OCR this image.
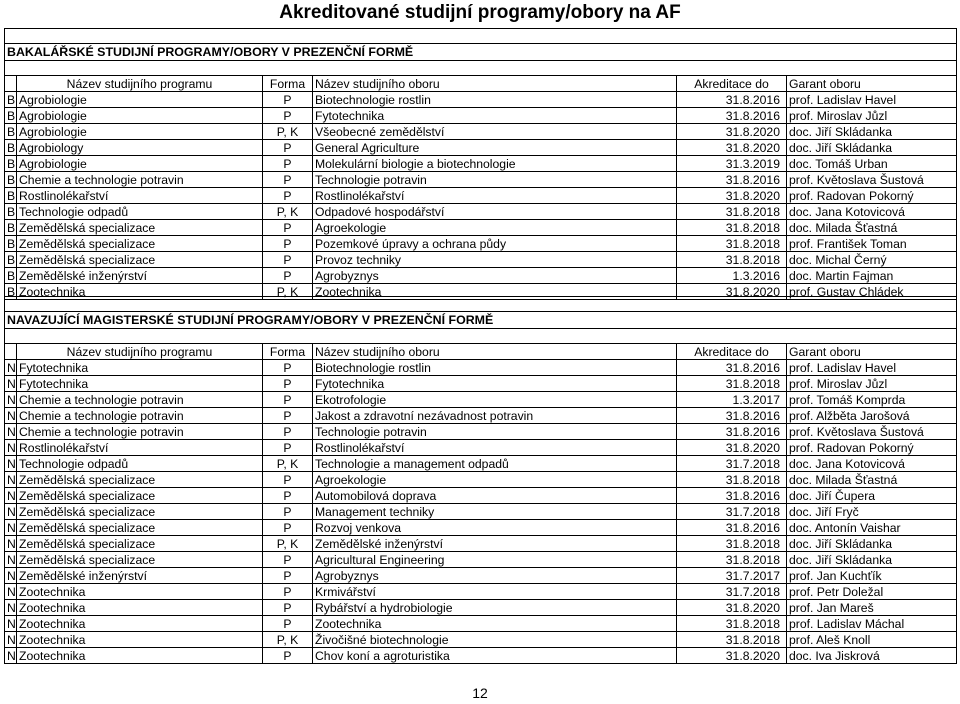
Akreditované studijní programy/obory na AF

BAKALÁŘSKÉ STUDIJNÍ PROGRAMY/OBORY V PREZENČNÍ FORMĚ					

	Název studijního programu	Forma	Název studijního oboru	Akreditace do	Garant oboru
B	Agrobiologie	P	Biotechnologie rostlin	31.8.2016	prof. Ladislav Havel
B	Agrobiologie	P	Fytotechnika	31.8.2016	prof. Miroslav Jůzl
B	Agrobiologie	P, K	Všeobecné zemědělství	31.8.2020	doc. Jiří Skládanka
B	Agrobiology	P	General Agriculture	31.8.2020	doc. Jiří Skládanka
B	Agrobiologie	P	Molekulární biologie a biotechnologie	31.3.2019	doc. Tomáš Urban
B	Chemie a technologie potravin	P	Technologie potravin	31.8.2016	prof. Květoslava Šustová
B	Rostlinolékařství	P	Rostlinolékařství	31.8.2020	prof. Radovan Pokorný
B	Technologie odpadů	P, K	Odpadové hospodářství	31.8.2018	doc. Jana Kotovicová
B	Zemědělská specializace	P	Agroekologie	31.8.2018	doc. Milada Šťastná
B	Zemědělská specializace	P	Pozemkové úpravy a ochrana půdy	31.8.2018	prof. František Toman
B	Zemědělská specializace	P	Provoz techniky	31.8.2018	doc. Michal Černý
B	Zemědělské inženýrství	P	Agrobyznys	1.3.2016	doc. Martin Fajman
B	Zootechnika	P, K	Zootechnika	31.8.2020	prof. Gustav Chládek

NAVAZUJÍCÍ MAGISTERSKÉ STUDIJNÍ PROGRAMY/OBORY V PREZENČNÍ FORMĚ					

	Název studijního programu	Forma	Název studijního oboru	Akreditace do	Garant oboru
N	Fytotechnika	P	Biotechnologie rostlin	31.8.2016	prof. Ladislav Havel
N	Fytotechnika	P	Fytotechnika	31.8.2018	prof. Miroslav Jůzl
N	Chemie a technologie potravin	P	Ekotrofologie	1.3.2017	prof. Tomáš Komprda
N	Chemie a technologie potravin	P	Jakost a zdravotní nezávadnost potravin	31.8.2016	prof. Alžběta Jarošová
N	Chemie a technologie potravin	P	Technologie potravin	31.8.2016	prof. Květoslava Šustová
N	Rostlinolékařství	P	Rostlinolékařství	31.8.2020	prof. Radovan Pokorný
N	Technologie odpadů	P, K	Technologie a management odpadů	31.7.2018	doc. Jana Kotovicová
N	Zemědělská specializace	P	Agroekologie	31.8.2018	doc. Milada Šťastná
N	Zemědělská specializace	P	Automobilová doprava	31.8.2016	doc. Jiří Čupera
N	Zemědělská specializace	P	Management techniky	31.7.2018	doc. Jiří Fryč
N	Zemědělská specializace	P	Rozvoj venkova	31.8.2016	doc. Antonín Vaishar
N	Zemědělská specializace	P, K	Zemědělské inženýrství	31.8.2018	doc. Jiří Skládanka
N	Zemědělská specializace	P	Agricultural Engineering	31.8.2018	doc. Jiří Skládanka
N	Zemědělské inženýrství	P	Agrobyznys	31.7.2017	prof. Jan Kuchťík
N	Zootechnika	P	Krmivářství	31.7.2018	prof. Petr Doležal
N	Zootechnika	P	Rybářství a hydrobiologie	31.8.2020	prof. Jan Mareš
N	Zootechnika	P	Zootechnika	31.8.2018	prof. Ladislav Máchal
N	Zootechnika	P, K	Živočišné biotechnologie	31.8.2018	prof. Aleš Knoll
N	Zootechnika	P	Chov koní a agroturistika	31.8.2020	doc. Iva Jiskrová
12
